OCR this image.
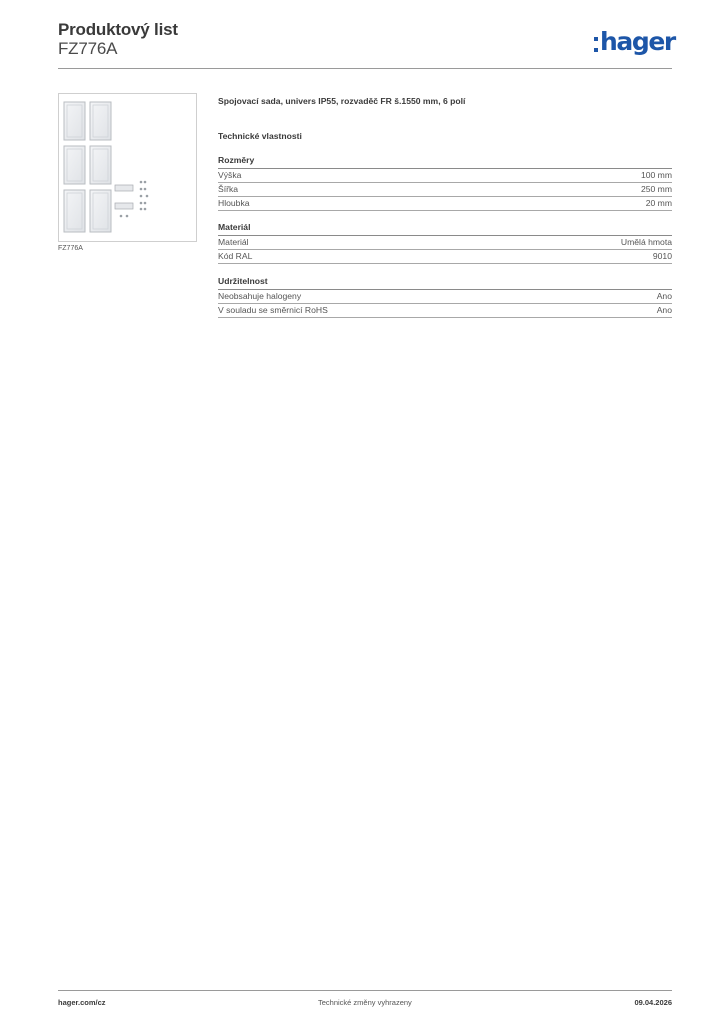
Produktový list
FZ776A	hager
FZ776A
Spojovací sada, univers IP55, rozvaděč FR š.1550 mm, 6 polí
Technické vlastnosti
Rozměry
Výška	100 mm
Šířka	250 mm
Hloubka	20 mm
Materiál
Materiál	Umělá hmota
Kód RAL	9010
Udržitelnost
Neobsahuje halogeny	Ano
V souladu se směrnicí RoHS	Ano
hager.com/cz	Technické změny vyhrazeny	09.04.2026
